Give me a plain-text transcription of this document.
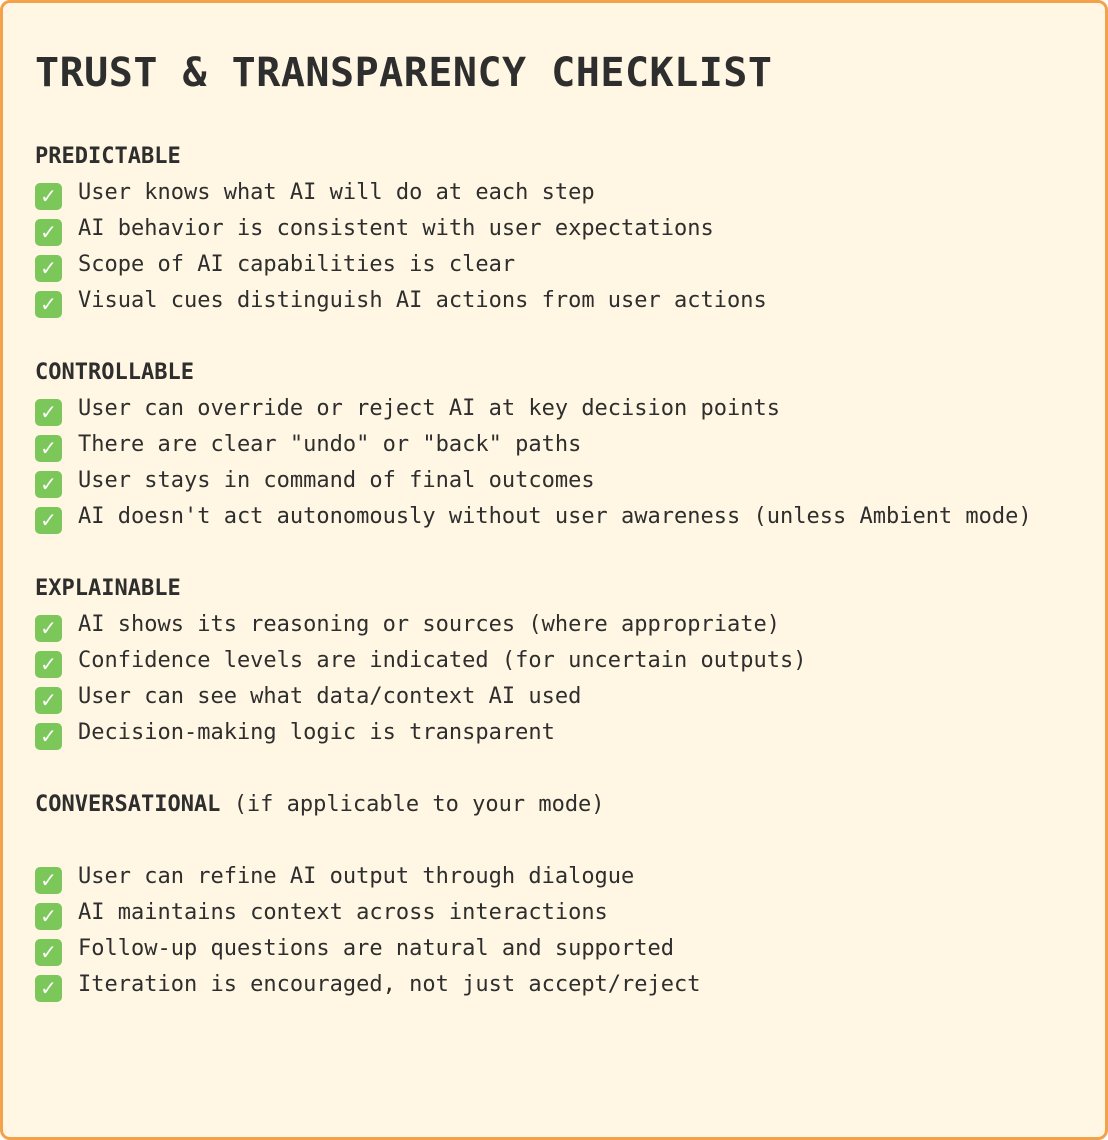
TRUST & TRANSPARENCY CHECKLIST
PREDICTABLE
✓ User knows what AI will do at each step
✓ AI behavior is consistent with user expectations
✓ Scope of AI capabilities is clear
✓ Visual cues distinguish AI actions from user actions
CONTROLLABLE
✓ User can override or reject AI at key decision points
✓ There are clear "undo" or "back" paths
✓ User stays in command of final outcomes
✓ AI doesn't act autonomously without user awareness (unless Ambient mode)
EXPLAINABLE
✓ AI shows its reasoning or sources (where appropriate)
✓ Confidence levels are indicated (for uncertain outputs)
✓ User can see what data/context AI used
✓ Decision-making logic is transparent
CONVERSATIONAL (if applicable to your mode)
✓ User can refine AI output through dialogue
✓ AI maintains context across interactions
✓ Follow-up questions are natural and supported
✓ Iteration is encouraged, not just accept/reject
